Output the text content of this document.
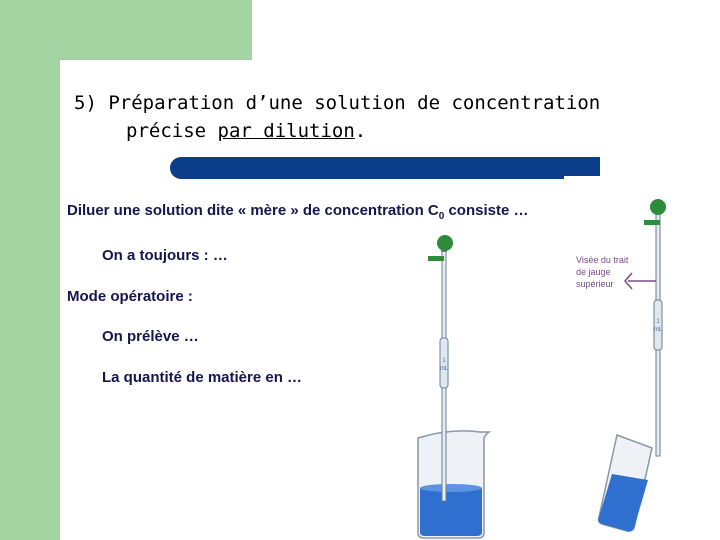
5) Préparation d’une solution de concentration
précise par dilution.

Diluer une solution dite « mère » de concentration $C_0$ consiste …

On a toujours : …

Mode opératoire :

On prélève …

La quantité de matière en …

1
mL
1
mL

Visée du trait
de jauge
supérieur
